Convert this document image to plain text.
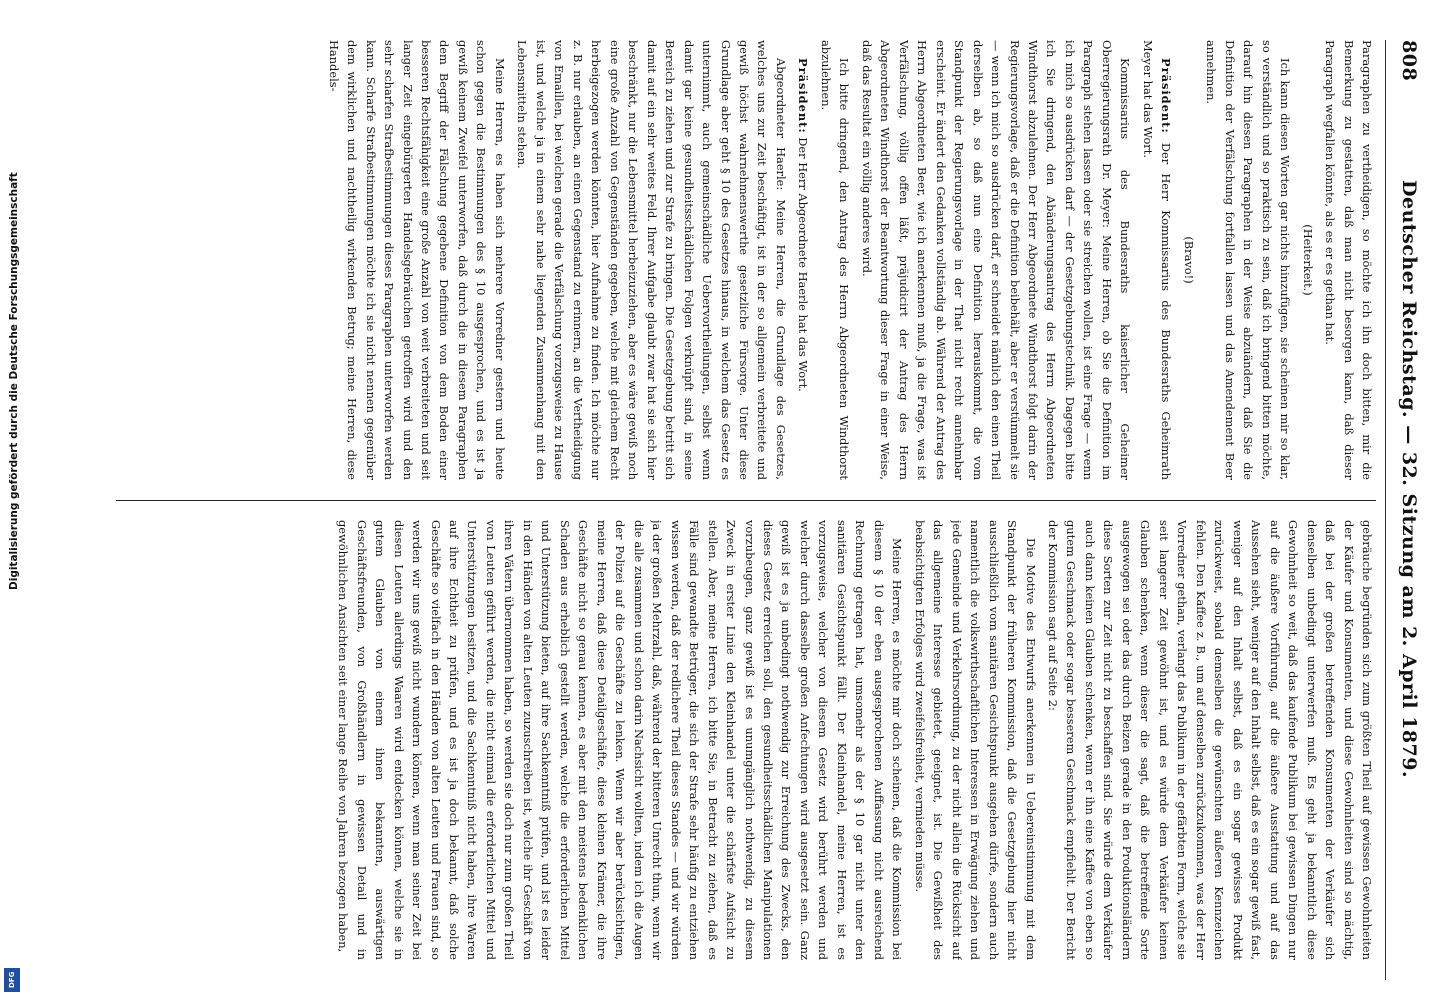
808
Deutscher Reichstag. — 32. Sitzung am 2. April 1879.

Paragraphen zu vertheidigen, so möchte ich ihn doch bitten, mir die Bemerkung zu gestatten, daß man nicht besorgen kann, daß dieser Paragraph wegfallen könnte, als es er es gethan hat.

(Heiterkeit.)

Ich kann diesen Worten gar nichts hinzufügen, sie scheinen mir so klar, so verständlich und so praktisch zu sein, daß ich bringend bitten möchte, darauf hin diesen Paragraphen in der Weise abzuändern, daß Sie die Definition der Verfälschung fortfallen lassen und das Amendement Beer annehmen.

(Bravo!)

Präsident: Der Herr Kommissarius des Bundesraths Geheimrath Meyer hat das Wort.

Kommissarius des Bundesraths kaiserlicher Geheimer Oberregierungsrath Dr. Meyer: Meine Herren, ob Sie die Definition im Paragraph stehen lassen oder sie streichen wollen, ist eine Frage — wenn ich mich so ausdrücken darf — der Gesetzgebungstechnik. Dagegen bitte ich Sie dringend, den Abänderungsantrag des Herrn Abgeordneten Windthorst abzulehnen. Der Herr Abgeordnete Windthorst folgt darin der Regierungsvorlage, daß er die Definition beibehält, aber er verstümmelt sie — wenn ich mich so ausdrücken darf, er schneidet nämlich den einen Theil derselben ab, so daß nun eine Definition herauskommt, die vom Standpunkt der Regierungsvorlage in der That nicht recht annehmbar erscheint. Er ändert den Gedanken vollständig ab. Während der Antrag des Herrn Abgeordneten Beer, wie ich anerkennen muß, ja die Frage, was ist Verfälschung, völlig offen läßt, präjudicirt der Antrag des Herrn Abgeordneten Windthorst der Beantwortung dieser Frage in einer Weise, daß das Resultat ein völlig anderes wird.

Ich bitte dringend, den Antrag des Herrn Abgeordneten Windthorst abzulehnen.

Präsident: Der Herr Abgeordnete Haerle hat das Wort.

Abgeordneter Haerle: Meine Herren, die Grundlage des Gesetzes, welches uns zur Zeit beschäftigt, ist in der so allgemein verbreitete und gewiß höchst wahrnehmenswerthe gesetzliche Fürsorge. Unter diese Grundlage aber geht § 10 des Gesetzes hinaus, in welchem das Gesetz es unternimmt, auch gemeinschädliche Uebervortheilungen, selbst wenn damit gar keine gesundheitsschädlichen Folgen verknüpft sind, in seine Bereich zu ziehen und zur Strafe zu bringen. Die Gesetzgebung betritt sich damit auf ein sehr weites Feld. Ihrer Aufgabe glaubt zwar hat sie sich hier beschränkt, nur die Lebensmittel herbeizuziehen, aber es wäre gewiß noch eine große Anzahl von Gegenständen gegeben, welche mit gleichem Recht herbeigezogen werden könnten, hier Aufnahme zu finden. Ich möchte nur z. B. nur erlauben, an einen Gegenstand zu erinnern, an die Vertheidigung von Emaillen, bei welchen gerade die Verfälschung vorzugsweise zu Hause ist, und welche ja in einem sehr nahe liegenden Zusammenhang mit den Lebensmitteln stehen.

Meine Herren, es haben sich mehrere Vorredner gestern und heute schon gegen die Bestimmungen des § 10 ausgesprochen, und es ist ja gewiß keinem Zweifel unterworfen, daß durch die in diesem Paragraphen dem Begriff der Fälschung gegebene Definition von dem Boden einer besseren Rechtsfähigkeit eine große Anzahl von weit verbreiteten und seit langer Zeit eingebürgerten Handelsgebräuchen getroffen wird und den sehr scharfen Strafbestimmungen dieses Paragraphen unterworfen werden kann. Scharfe Strafbestimmungen möchte ich sie nicht nennen gegenüber dem wirklichen und nachtheilig wirkenden Betrug; meine Herren, diese Handels-

gebräuche begründen sich zum größten Theil auf gewissen Gewohnheiten der Käufer und Konsumenten, und diese Gewohnheiten sind so mächtig, daß bei der großen betreffenden Konsumenten der Verkäufer sich denselben unbedingt unterwerfen muß. Es geht ja bekanntlich diese Gewohnheit so weit, daß das kaufende Publikum bei gewissen Dingen nur auf die äußere Vorführung, auf die äußere Ausstattung und auf das Aussehen sieht, weniger auf den Inhalt selbst, daß es ein sogar gewiß fast, weniger auf den Inhalt selbst, daß es ein sogar gewisses Produkt zurückweist, sobald demselben die gewünschten äußeren Kennzeichen fehlen. Den Kaffee z. B., um auf denselben zurückzukommen, was der Herr Vorredner gethan, verlangt das Publikum in der gefärbten Form, welche sie seit langerer Zeit gewöhnt ist, und es würde dem Verkäufer keinen Glauben schenken, wenn dieser die sagt, daß die betreffende Sorte ausgewogen sei oder das durch Beizen gerade in den Produktionsländern diese Sorten zur Zeit nicht zu beschaffen sind. Sie würde dem Verkäufer auch dann keinen Glauben schenken, wenn er ihn eine Kaffee von eben so gutem Geschmack oder sogar besserem Geschmack empfiehlt. Der Bericht der Kommission sagt auf Seite 2:

Die Motive des Entwurfs anerkennen in Uebereinstimmung mit dem Standpunkt der früheren Kommission, daß die Gesetzgebung hier nicht ausschließlich vom sanitären Gesichtspunkt ausgehen dürfe, sondern auch namentlich die volkswirthschaftlichen Interessen in Erwägung ziehen und jede Gemeinde und Verkehrsordnung, zu der nicht allein die Rücksicht auf das allgemeine Interesse gebietet, geeignet, ist. Die Gewißheit des beabsichtigten Erfolges wird zweifelsfreiheit, vermieden müsse.

Meine Herren, es möchte mir doch scheinen, daß die Kommission bei diesem § 10 der eben ausgesprochenen Auffassung nicht ausreichend Rechnung getragen hat, umsomehr als der § 10 gar nicht unter den sanitären Gesichtspunkt fällt. Der Kleinhandel, meine Herren, ist es vorzugsweise, welcher von diesem Gesetz wird berührt werden und welcher durch dasselbe großen Anfechtungen wird ausgesetzt sein. Ganz gewiß ist es ja unbedingt nothwendig zur Erreichung des Zwecks, den dieses Gesetz erreichen soll, den gesundheitsschädlichen Manipulationen vorzubeugen, ganz gewiß ist es unumgänglich nothwendig, zu diesem Zweck in erster Linie den Kleinhandel unter die schärfste Aufsicht zu stellen. Aber, meine Herren, ich bitte Sie, in Betracht zu ziehen, daß es Fälle sind gewandte Betrüger, die sich der Strafe sehr häufig zu entziehen wissen werden, daß der redlichere Theil dieses Standes — und wir würden ja der großen Mehrzahl, daß, während der bitteren Unrecht thun, wenn wir die alle zusammen und schon darin Nachsicht wollten, indem ich die Augen der Polizei auf die Geschäfte zu lenken. Wenn wir aber berücksichtigen, meine Herren, daß diese Detailgeschäfte, diese kleinen Krämer, die ihre Geschäfte nicht so genau kennen, es aber mit den meistens bedenklichen Schaden aus erheblich gestellt werden, welche die erforderlichen Mittel und Unterstützung bieten, auf ihre Sachkenntniß prüfen, und ist es leider in den Händen von alten Leuten zuzuschreiben ist, welche ihr Geschäft von ihren Vätern übernommen haben, so werden sie doch nur zum großen Theil von Leuten geführt werden, die nicht einmal die erforderlichen Mittel und Unterstützungen besitzen, und die Sachkenntniß nicht haben, ihre Waren auf ihre Echtheit zu prüfen, und es ist ja doch bekannt, daß solche Geschäfte so vielfach in den Händen von alten Leuten und Frauen sind, so werden wir uns gewiß nicht wundern können, wenn man seiner Zeit bei diesen Leuten allerdings Waaren wird entdecken können, welche sie in gutem Glauben von einem ihnen bekannten, auswärtigen Geschäftsfreunden, von Großhändlern in gewissen Detail und in gewöhnlichen Ansichten seit einer lange Reihe von Jahren bezogen haben,

Digitalisierung gefördert durch die Deutsche Forschungsgemeinschaft
DFG
